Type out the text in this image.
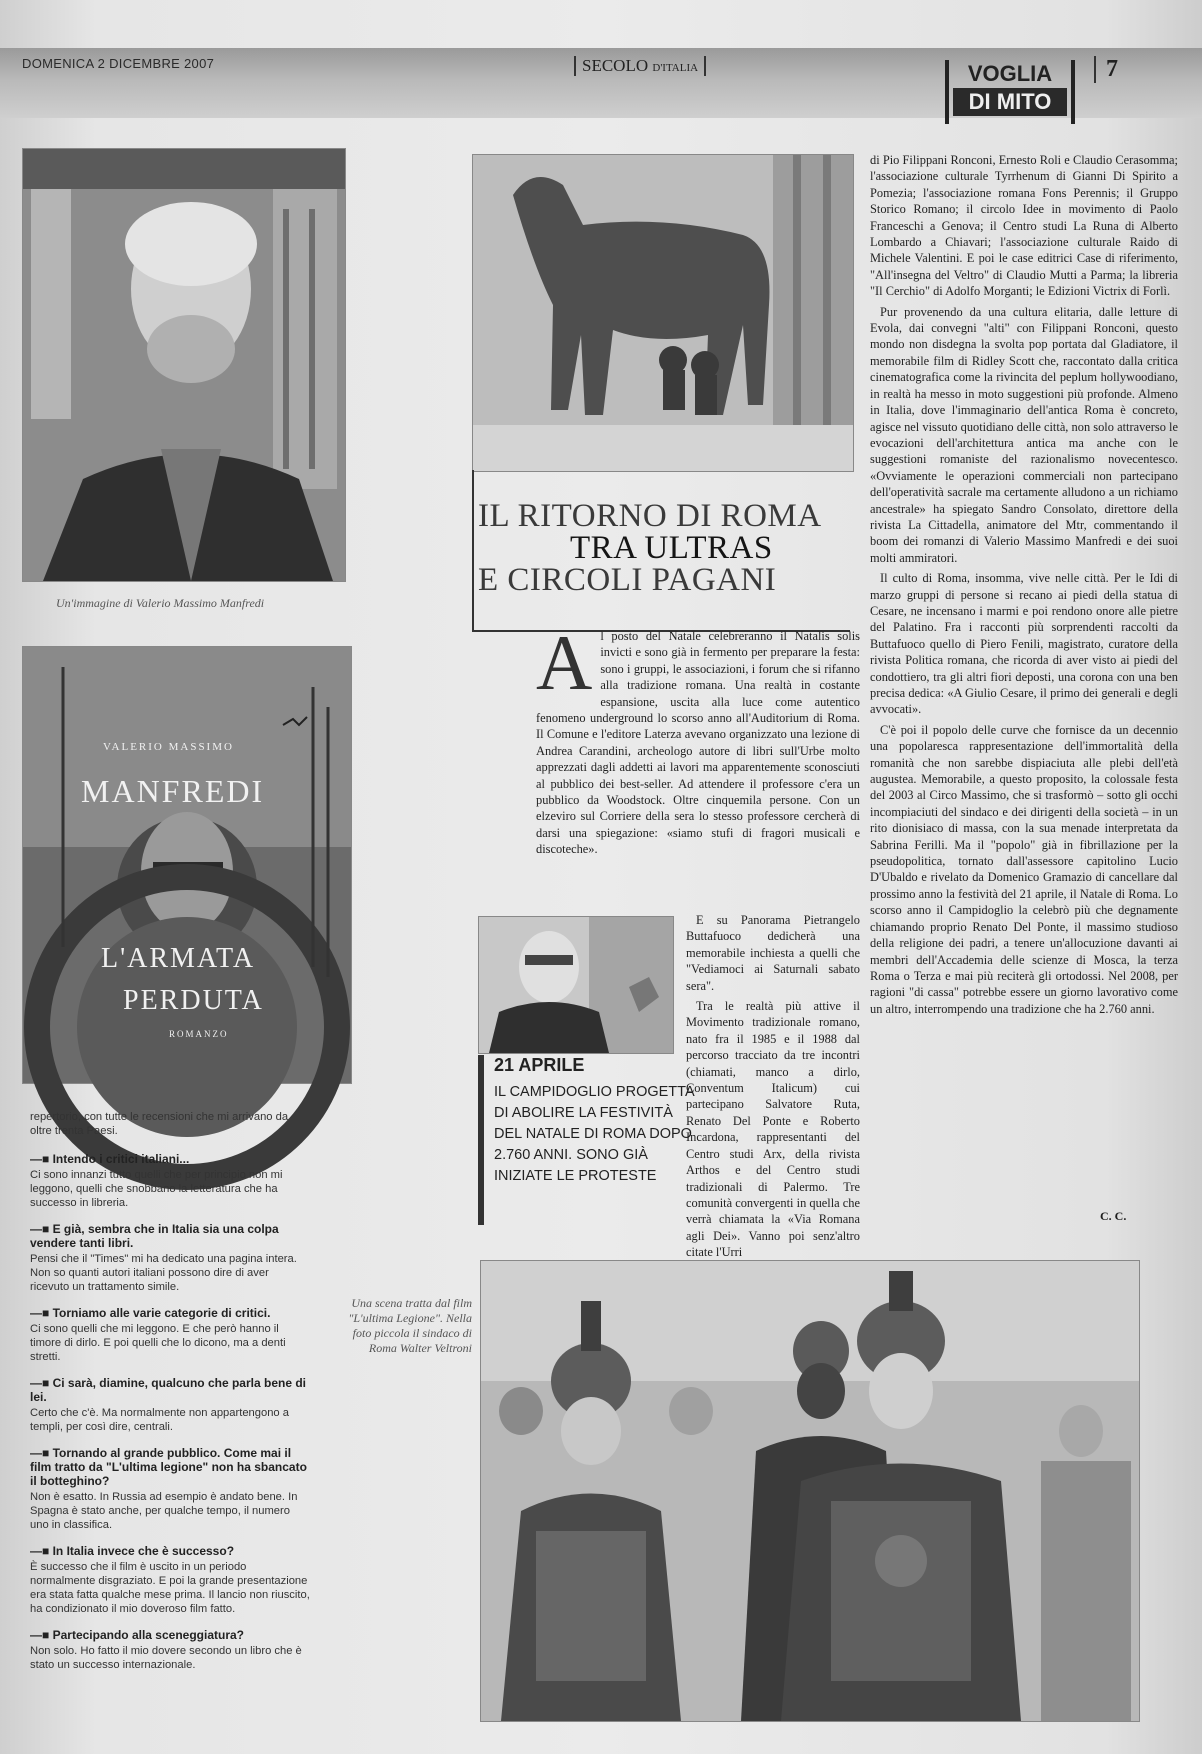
DOMENICA 2 DICEMBRE 2007	SECOLO D'ITALIA	VOGLIA
DI MITO
7
Un'immagine di Valerio Massimo Manfredi
VALERIO MASSIMO
MANFREDI
L'ARMATA
PERDUTA
ROMANZO
repertorio, con tutte le recensioni che mi arrivano da oltre trenta Paesi.
—■ Intendo i critici italiani...
Ci sono innanzi tutto quelli che per principio non mi leggono, quelli che snobbano la letteratura che ha successo in libreria.
—■ E già, sembra che in Italia sia una colpa vendere tanti libri.
Pensi che il "Times" mi ha dedicato una pagina intera. Non so quanti autori italiani possono dire di aver ricevuto un trattamento simile.
—■ Torniamo alle varie categorie di critici.
Ci sono quelli che mi leggono. E che però hanno il timore di dirlo. E poi quelli che lo dicono, ma a denti stretti.
—■ Ci sarà, diamine, qualcuno che parla bene di lei.
Certo che c'è. Ma normalmente non appartengono a templi, per così dire, centrali.
—■ Tornando al grande pubblico. Come mai il film tratto da "L'ultima legione" non ha sbancato il botteghino?
Non è esatto. In Russia ad esempio è andato bene. In Spagna è stato anche, per qualche tempo, il numero uno in classifica.
—■ In Italia invece che è successo?
È successo che il film è uscito in un periodo normalmente disgraziato. E poi la grande presentazione era stata fatta qualche mese prima. Il lancio non riuscito, ha condizionato il mio doveroso film fatto.
—■ Partecipando alla sceneggiatura?
Non solo. Ho fatto il mio dovere secondo un libro che è stato un successo internazionale.
IL RITORNO DI ROMA
TRA ULTRAS
E CIRCOLI PAGANI
A l posto del Natale celebreranno il Natalis solis invicti e sono già in fermento per preparare la festa: sono i gruppi, le associazioni, i forum che si rifanno alla tradizione romana. Una realtà in costante espansione, uscita alla luce come autentico fenomeno underground lo scorso anno all'Auditorium di Roma. Il Comune e l'editore Laterza avevano organizzato una lezione di Andrea Carandini, archeologo autore di libri sull'Urbe molto apprezzati dagli addetti ai lavori ma apparentemente sconosciuti al pubblico dei best-seller. Ad attendere il professore c'era un pubblico da Woodstock. Oltre cinquemila persone. Con un elzeviro sul Corriere della sera lo stesso professore cercherà di darsi una spiegazione: «siamo stufi di fragori musicali e discoteche».

E su Panorama Pietrangelo Buttafuoco dedicherà una memorabile inchiesta a quelli che "Vediamoci ai Saturnali sabato sera".

Tra le realtà più attive il Movimento tradizionale romano, nato fra il 1985 e il 1988 dal percorso tracciato da tre incontri (chiamati, manco a dirlo, Conventum Italicum) cui partecipano Salvatore Ruta, Renato Del Ponte e Roberto Incardona, rappresentanti del Centro studi Arx, della rivista Arthos e del Centro studi tradizionali di Palermo. Tre comunità convergenti in quella che verrà chiamata la «Via Romana agli Dei». Vanno poi senz'altro citate l'Urri

21 APRILE
IL CAMPIDOGLIO PROGETTA DI ABOLIRE LA FESTIVITÀ DEL NATALE DI ROMA DOPO 2.760 ANNI. SONO GIÀ INIZIATE LE PROTESTE

di Pio Filippani Ronconi, Ernesto Roli e Claudio Cerasomma; l'associazione culturale Tyrrhenum di Gianni Di Spirito a Pomezia; l'associazione romana Fons Perennis; il Gruppo Storico Romano; il circolo Idee in movimento di Paolo Franceschi a Genova; il Centro studi La Runa di Alberto Lombardo a Chiavari; l'associazione culturale Raido di Michele Valentini. E poi le case editrici Case di riferimento, "All'insegna del Veltro" di Claudio Mutti a Parma; la libreria "Il Cerchio" di Adolfo Morganti; le Edizioni Victrix di Forlì.

Pur provenendo da una cultura elitaria, dalle letture di Evola, dai convegni "alti" con Filippani Ronconi, questo mondo non disdegna la svolta pop portata dal Gladiatore, il memorabile film di Ridley Scott che, raccontato dalla critica cinematografica come la rivincita del peplum hollywoodiano, in realtà ha messo in moto suggestioni più profonde. Almeno in Italia, dove l'immaginario dell'antica Roma è concreto, agisce nel vissuto quotidiano delle città, non solo attraverso le evocazioni dell'architettura antica ma anche con le suggestioni romaniste del razionalismo novecentesco. «Ovviamente le operazioni commerciali non partecipano dell'operatività sacrale ma certamente alludono a un richiamo ancestrale» ha spiegato Sandro Consolato, direttore della rivista La Cittadella, animatore del Mtr, commentando il boom dei romanzi di Valerio Massimo Manfredi e dei suoi molti ammiratori.

Il culto di Roma, insomma, vive nelle città. Per le Idi di marzo gruppi di persone si recano ai piedi della statua di Cesare, ne incensano i marmi e poi rendono onore alle pietre del Palatino. Fra i racconti più sorprendenti raccolti da Buttafuoco quello di Piero Fenili, magistrato, curatore della rivista Politica romana, che ricorda di aver visto ai piedi del condottiero, tra gli altri fiori deposti, una corona con una ben precisa dedica: «A Giulio Cesare, il primo dei generali e degli avvocati».

C'è poi il popolo delle curve che fornisce da un decennio una popolaresca rappresentazione dell'immortalità della romanità che non sarebbe dispiaciuta alle plebi dell'età augustea. Memorabile, a questo proposito, la colossale festa del 2003 al Circo Massimo, che si trasformò – sotto gli occhi incompiaciuti del sindaco e dei dirigenti della società – in un rito dionisiaco di massa, con la sua menade interpretata da Sabrina Ferilli. Ma il "popolo" già in fibrillazione per la pseudopolitica, tornato dall'assessore capitolino Lucio D'Ubaldo e rivelato da Domenico Gramazio di cancellare dal prossimo anno la festività del 21 aprile, il Natale di Roma. Lo scorso anno il Campidoglio la celebrò più che degnamente chiamando proprio Renato Del Ponte, il massimo studioso della religione dei padri, a tenere un'allocuzione davanti ai membri dell'Accademia delle scienze di Mosca, la terza Roma o Terza e mai più reciterà gli ortodossi. Nel 2008, per ragioni "di cassa" potrebbe essere un giorno lavorativo come un altro, interrompendo una tradizione che ha 2.760 anni.

C. C.
Una scena tratta dal film "L'ultima Legione". Nella foto piccola il sindaco di Roma Walter Veltroni
